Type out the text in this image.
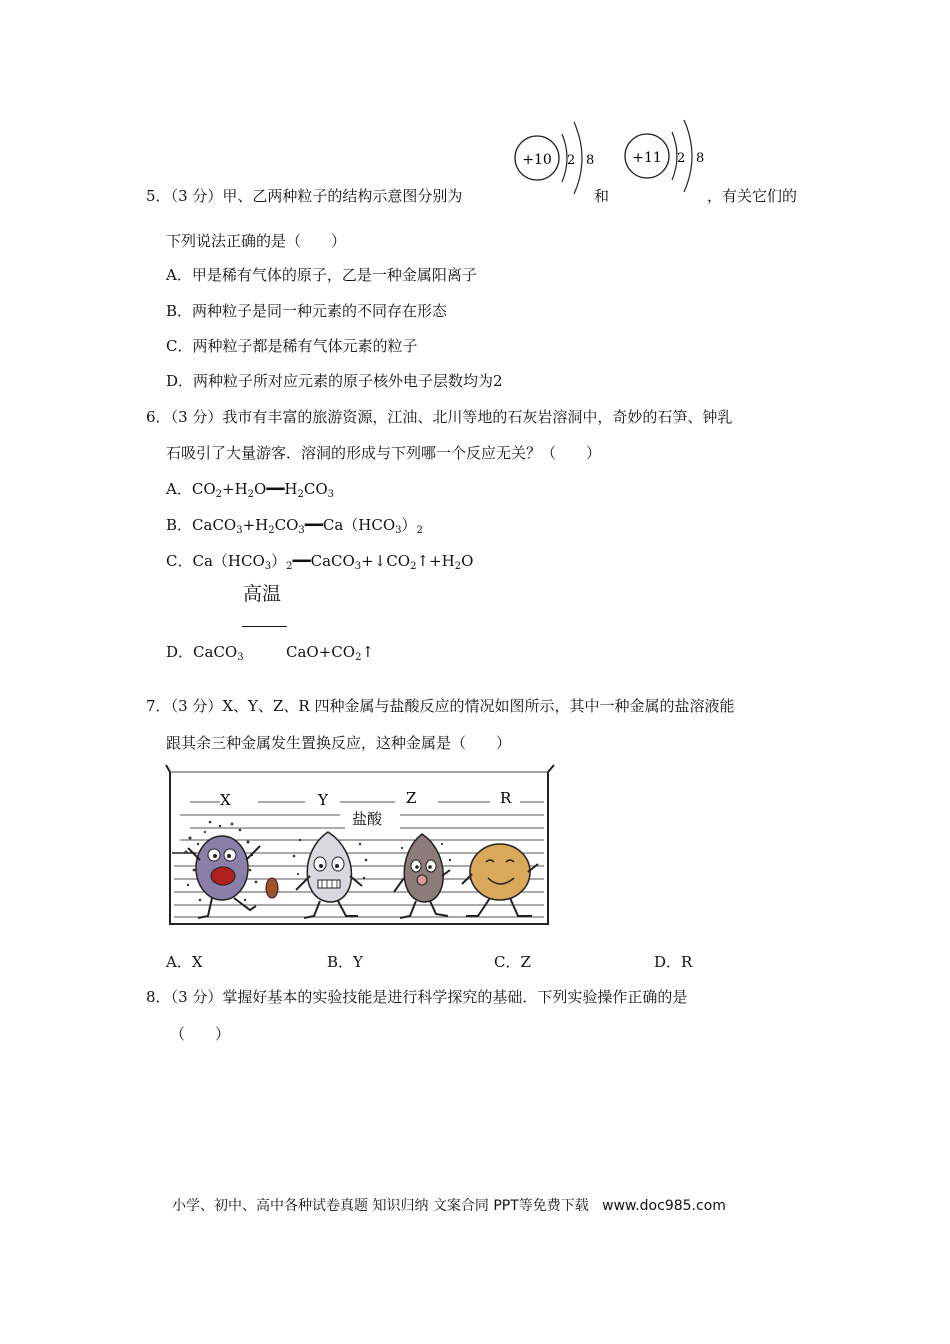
5．（3 分）甲、乙两种粒子的结构示意图分别为
+10 2 8
和
+11 2 8
，有关它们的
下列说法正确的是（　　）
A．甲是稀有气体的原子，乙是一种金属阳离子
B．两种粒子是同一种元素的不同存在形态
C．两种粒子都是稀有气体元素的粒子
D．两种粒子所对应元素的原子核外电子层数均为2
6．（3 分）我市有丰富的旅游资源，江油、北川等地的石灰岩溶洞中，奇妙的石笋、钟乳
石吸引了大量游客．溶洞的形成与下列哪一个反应无关？（　　）
A．$CO_2+H_2O━━H_2CO_3$
B．$CaCO_3+H_2CO_3━━Ca(HCO_3)_2$
C．$Ca(HCO_3)_2━━CaCO_3+↓CO_2↑+H_2O$
高温
D．CaCO$_3$	$CaO+CO_2↑$
7．（3 分）X、Y、Z、R 四种金属与盐酸反应的情况如图所示，其中一种金属的盐溶液能
跟其余三种金属发生置换反应，这种金属是（　　）
X	Y	Z	R
盐酸
A．X	B．Y	C．Z	D．R
8．（3 分）掌握好基本的实验技能是进行科学探究的基础．下列实验操作正确的是
（　　）
小学、初中、高中各种试卷真题 知识归纳 文案合同 PPT等免费下载 www.doc985.com
